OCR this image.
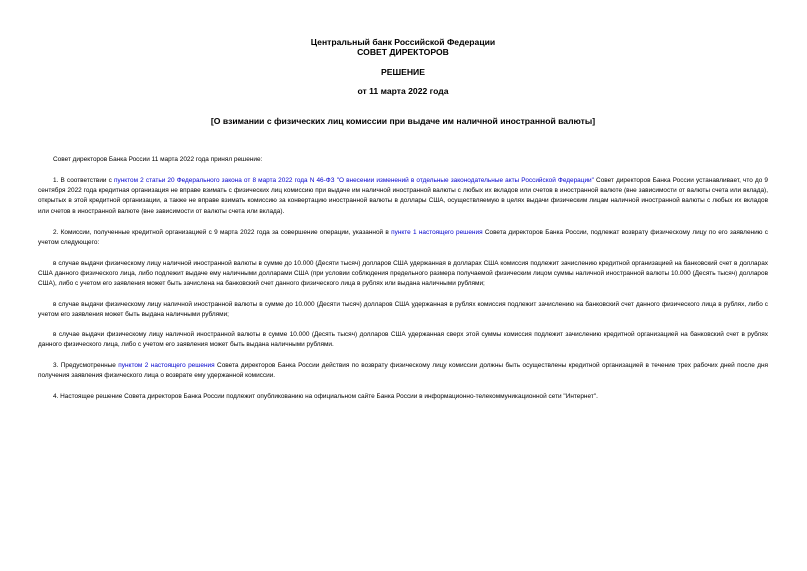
Центральный банк Российской Федерации
СОВЕТ ДИРЕКТОРОВ
РЕШЕНИЕ
от 11 марта 2022 года
[О взимании с физических лиц комиссии при выдаче им наличной иностранной валюты]
Совет директоров Банка России 11 марта 2022 года принял решение:
1. В соответствии с пунктом 2 статьи 20 Федерального закона от 8 марта 2022 года N 46-ФЗ "О внесении изменений в отдельные законодательные акты Российской Федерации" Совет директоров Банка России устанавливает, что до 9 сентября 2022 года кредитная организация не вправе взимать с физических лиц комиссию при выдаче им наличной иностранной валюты с любых их вкладов или счетов в иностранной валюте (вне зависимости от валюты счета или вклада), открытых в этой кредитной организации, а также не вправе взимать комиссию за конвертацию иностранной валюты в доллары США, осуществляемую в целях выдачи физическим лицам наличной иностранной валюты с любых их вкладов или счетов в иностранной валюте (вне зависимости от валюты счета или вклада).
2. Комиссии, полученные кредитной организацией с 9 марта 2022 года за совершение операции, указанной в пункте 1 настоящего решения Совета директоров Банка России, подлежат возврату физическому лицу по его заявлению с учетом следующего:
в случае выдачи физическому лицу наличной иностранной валюты в сумме до 10.000 (Десяти тысяч) долларов США удержанная в долларах США комиссия подлежит зачислению кредитной организацией на банковский счет в долларах США данного физического лица, либо подлежит выдаче ему наличными долларами США (при условии соблюдения предельного размера получаемой физическим лицом суммы наличной иностранной валюты 10.000 (Десять тысяч) долларов США), либо с учетом его заявления может быть зачислена на банковский счет данного физического лица в рублях или выдана наличными рублями;
в случае выдачи физическому лицу наличной иностранной валюты в сумме до 10.000 (Десяти тысяч) долларов США удержанная в рублях комиссия подлежит зачислению на банковский счет данного физического лица в рублях, либо с учетом его заявления может быть выдана наличными рублями;
в случае выдачи физическому лицу наличной иностранной валюты в сумме 10.000 (Десять тысяч) долларов США удержанная сверх этой суммы комиссия подлежит зачислению кредитной организацией на банковский счет в рублях данного физического лица, либо с учетом его заявления может быть выдана наличными рублями.
3. Предусмотренные пунктом 2 настоящего решения Совета директоров Банка России действия по возврату физическому лицу комиссии должны быть осуществлены кредитной организацией в течение трех рабочих дней после дня получения заявления физического лица о возврате ему удержанной комиссии.
4. Настоящее решение Совета директоров Банка России подлежит опубликованию на официальном сайте Банка России в информационно-телекоммуникационной сети "Интернет".
